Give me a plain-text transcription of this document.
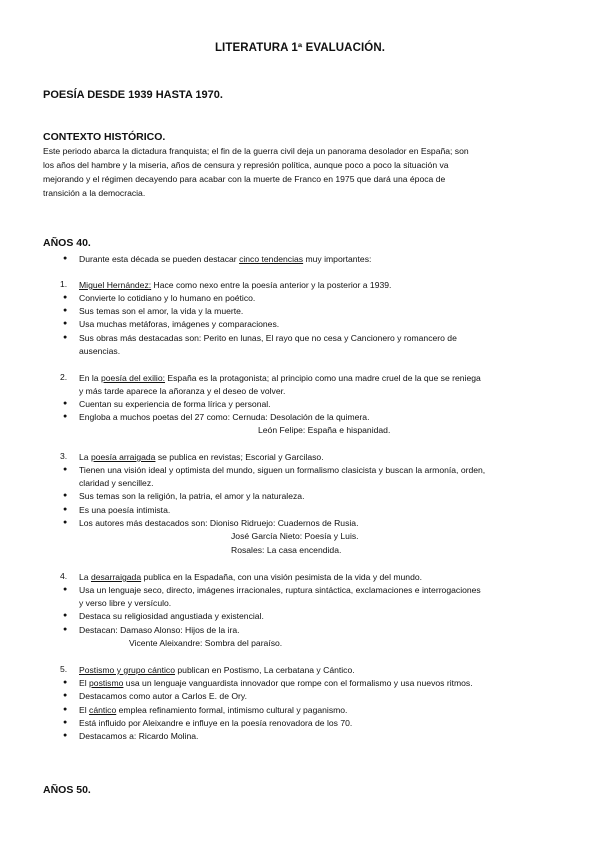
LITERATURA 1ª EVALUACIÓN.
POESÍA DESDE 1939 HASTA 1970.
CONTEXTO HISTÓRICO.
Este periodo abarca la dictadura franquista; el fin de la guerra civil deja un panorama desolador en España; son
los años del hambre y la miseria, años de censura y represión política, aunque poco a poco la situación va
mejorando y el régimen decayendo para acabar con la muerte de Franco en 1975 que dará una época de
transición a la democracia.
AÑOS 40.
● Durante esta década se pueden destacar cinco tendencias muy importantes:
1.	Miguel Hernández: Hace como nexo entre la poesía anterior y la posterior a 1939.
● Convierte lo cotidiano y lo humano en poético.
● Sus temas son el amor, la vida y la muerte.
● Usa muchas metáforas, imágenes y comparaciones.
● Sus obras más destacadas son: Perito en lunas, El rayo que no cesa y Cancionero y romancero de
ausencias.
2.	En la poesía del exilio: España es la protagonista; al principio como una madre cruel de la que se reniega
y más tarde aparece la añoranza y el deseo de volver.
● Cuentan su experiencia de forma lírica y personal.
● Engloba a muchos poetas del 27 como: Cernuda: Desolación de la quimera.
León Felipe: España e hispanidad.
3.	La poesía arraigada se publica en revistas; Escorial y Garcilaso.
● Tienen una visión ideal y optimista del mundo, siguen un formalismo clasicista y buscan la armonía, orden,
claridad y sencillez.
● Sus temas son la religión, la patria, el amor y la naturaleza.
● Es una poesía intimista.
● Los autores más destacados son: Dioniso Ridruejo: Cuadernos de Rusia.
José García Nieto: Poesía y Luis.
Rosales: La casa encendida.
4.	La desarraigada publica en la Espadaña, con una visión pesimista de la vida y del mundo.
● Usa un lenguaje seco, directo, imágenes irracionales, ruptura sintáctica, exclamaciones e interrogaciones
y verso libre y versículo.
● Destaca su religiosidad angustiada y existencial.
● Destacan: Damaso Alonso: Hijos de la ira.
Vicente Aleixandre: Sombra del paraíso.
5.	Postismo y grupo cántico publican en Postismo, La cerbatana y Cántico.
● El postismo usa un lenguaje vanguardista innovador que rompe con el formalismo y usa nuevos ritmos.
● Destacamos como autor a Carlos E. de Ory.
● El cántico emplea refinamiento formal, intimismo cultural y paganismo.
● Está influido por Aleixandre e influye en la poesía renovadora de los 70.
● Destacamos a: Ricardo Molina.
AÑOS 50.
